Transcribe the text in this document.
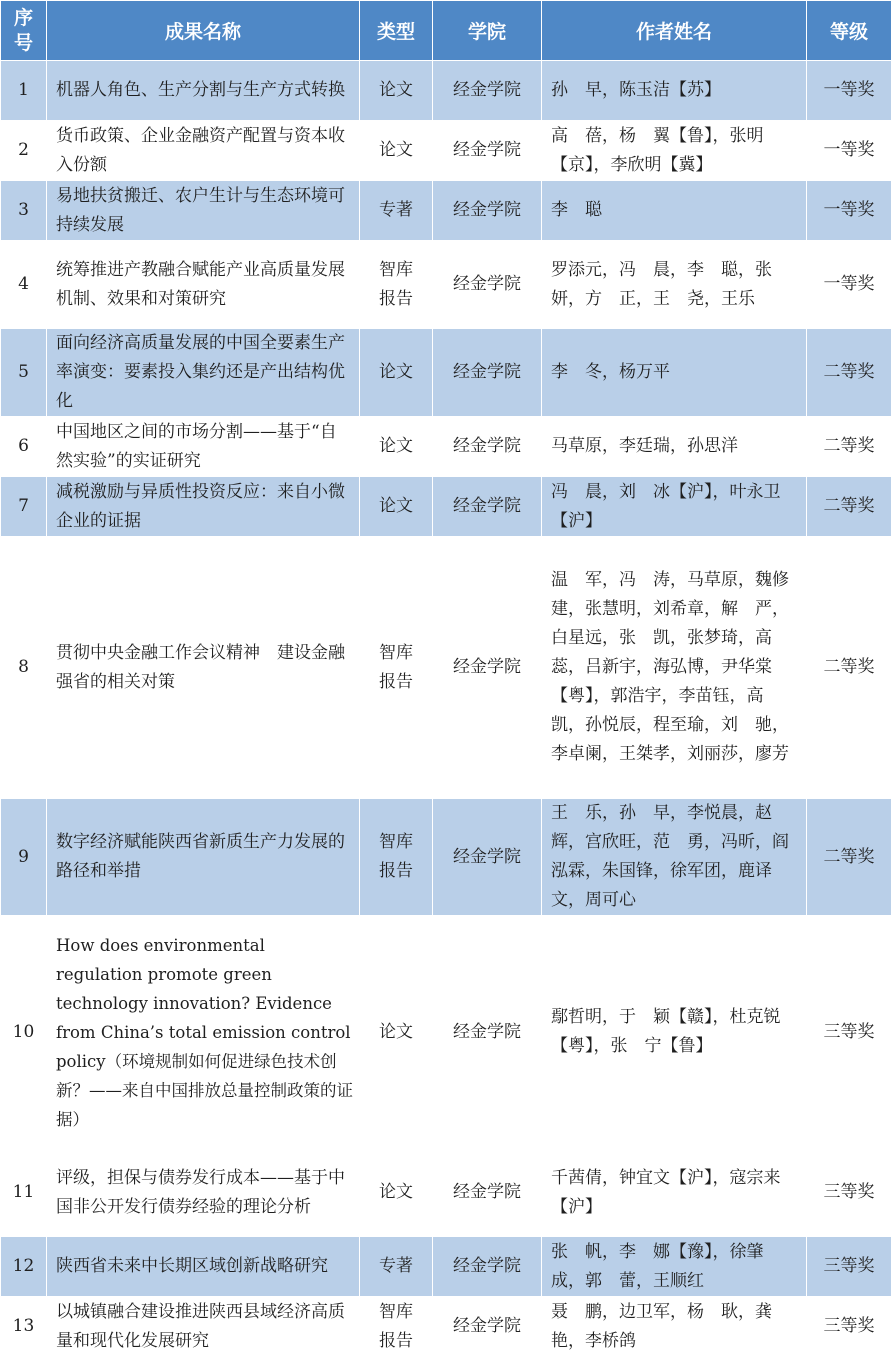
序
号	成果名称	类型	学院	作者姓名	等级
1	机器人角色、生产分割与生产方式转换	论文	经金学院	孙　早，陈玉洁【苏】	一等奖
2	货币政策、企业金融资产配置与资本收入份额	论文	经金学院	高　蓓，杨　翼【鲁】，张明【京】，李欣明【冀】	一等奖
3	易地扶贫搬迁、农户生计与生态环境可持续发展	专著	经金学院	李　聪	一等奖
4	统筹推进产教融合赋能产业高质量发展机制、效果和对策研究	智库报告	经金学院	罗添元，冯　晨，李　聪，张妍，方　正，王　尧，王乐	一等奖
5	面向经济高质量发展的中国全要素生产率演变：要素投入集约还是产出结构优化	论文	经金学院	李　冬，杨万平	二等奖
6	中国地区之间的市场分割——基于“自然实验”的实证研究	论文	经金学院	马草原，李廷瑞，孙思洋	二等奖
7	减税激励与异质性投资反应：来自小微企业的证据	论文	经金学院	冯　晨，刘　冰【沪】，叶永卫【沪】	二等奖
8	贯彻中央金融工作会议精神　建设金融强省的相关对策	智库报告	经金学院	温　军，冯　涛，马草原，魏修建，张慧明，刘希章，解　严，白星远，张　凯，张梦琦，高　蕊，吕新宇，海弘博，尹华棠【粤】，郭浩宇，李苗钰，高　凯，孙悦辰，程至瑜，刘　驰，李卓阑，王桀孝，刘丽莎，廖芳	二等奖
9	数字经济赋能陕西省新质生产力发展的路径和举措	智库报告	经金学院	王　乐，孙　早，李悦晨，赵　辉，宫欣旺，范　勇，冯昕，阎泓霖，朱国锋，徐军团，鹿译文，周可心	二等奖
10	How does environmental regulation promote green technology innovation? Evidence from China’s total emission control policy（环境规制如何促进绿色技术创新？——来自中国排放总量控制政策的证据）	论文	经金学院	鄢哲明，于　颖【赣】，杜克锐【粤】，张　宁【鲁】	三等奖
11	评级，担保与债券发行成本——基于中国非公开发行债券经验的理论分析	论文	经金学院	千茜倩，钟宜文【沪】，寇宗来【沪】	三等奖
12	陕西省未来中长期区域创新战略研究	专著	经金学院	张　帆，李　娜【豫】，徐肇成，郭　蕾，王顺红	三等奖
13	以城镇融合建设推进陕西县域经济高质量和现代化发展研究	智库报告	经金学院	聂　鹏，边卫军，杨　耿，龚艳，李桥鸽	三等奖
